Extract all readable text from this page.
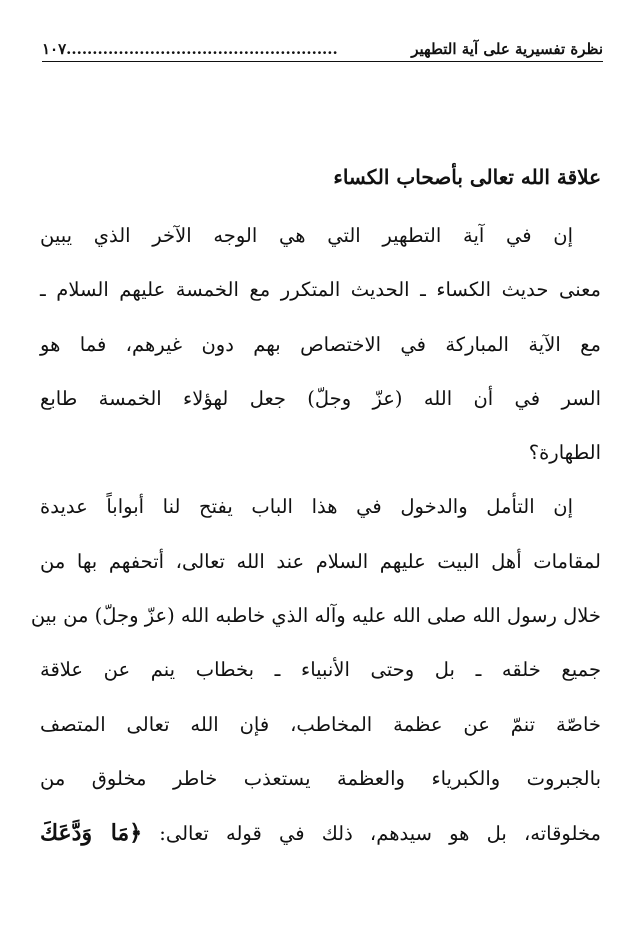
نظرة تفسيرية على آية التطهير
١٠٧....................................................
علاقة الله تعالى بأصحاب الكساء
إن في آية التطهير التي هي الوجه الآخر الذي يبين
معنى حديث الكساء ـ الحديث المتكرر مع الخمسة عليهم السلام ـ
مع الآية المباركة في الاختصاص بهم دون غيرهم، فما هو
السر في أن الله (عزّ وجلّ) جعل لهؤلاء الخمسة طابع
الطهارة؟
إن التأمل والدخول في هذا الباب يفتح لنا أبواباً عديدة
لمقامات أهل البيت عليهم السلام عند الله تعالى، أتحفهم بها من
خلال رسول الله صلى الله عليه وآله الذي خاطبه الله (عزّ وجلّ) من بين
جميع خلقه ـ بل وحتى الأنبياء ـ بخطاب ينم عن علاقة
خاصّة تنمّ عن عظمة المخاطب، فإن الله تعالى المتصف
بالجبروت والكبرياء والعظمة يستعذب خاطر مخلوق من
مخلوقاته، بل هو سيدهم، ذلك في قوله تعالى: ﴿مَا وَدَّعَكَ
